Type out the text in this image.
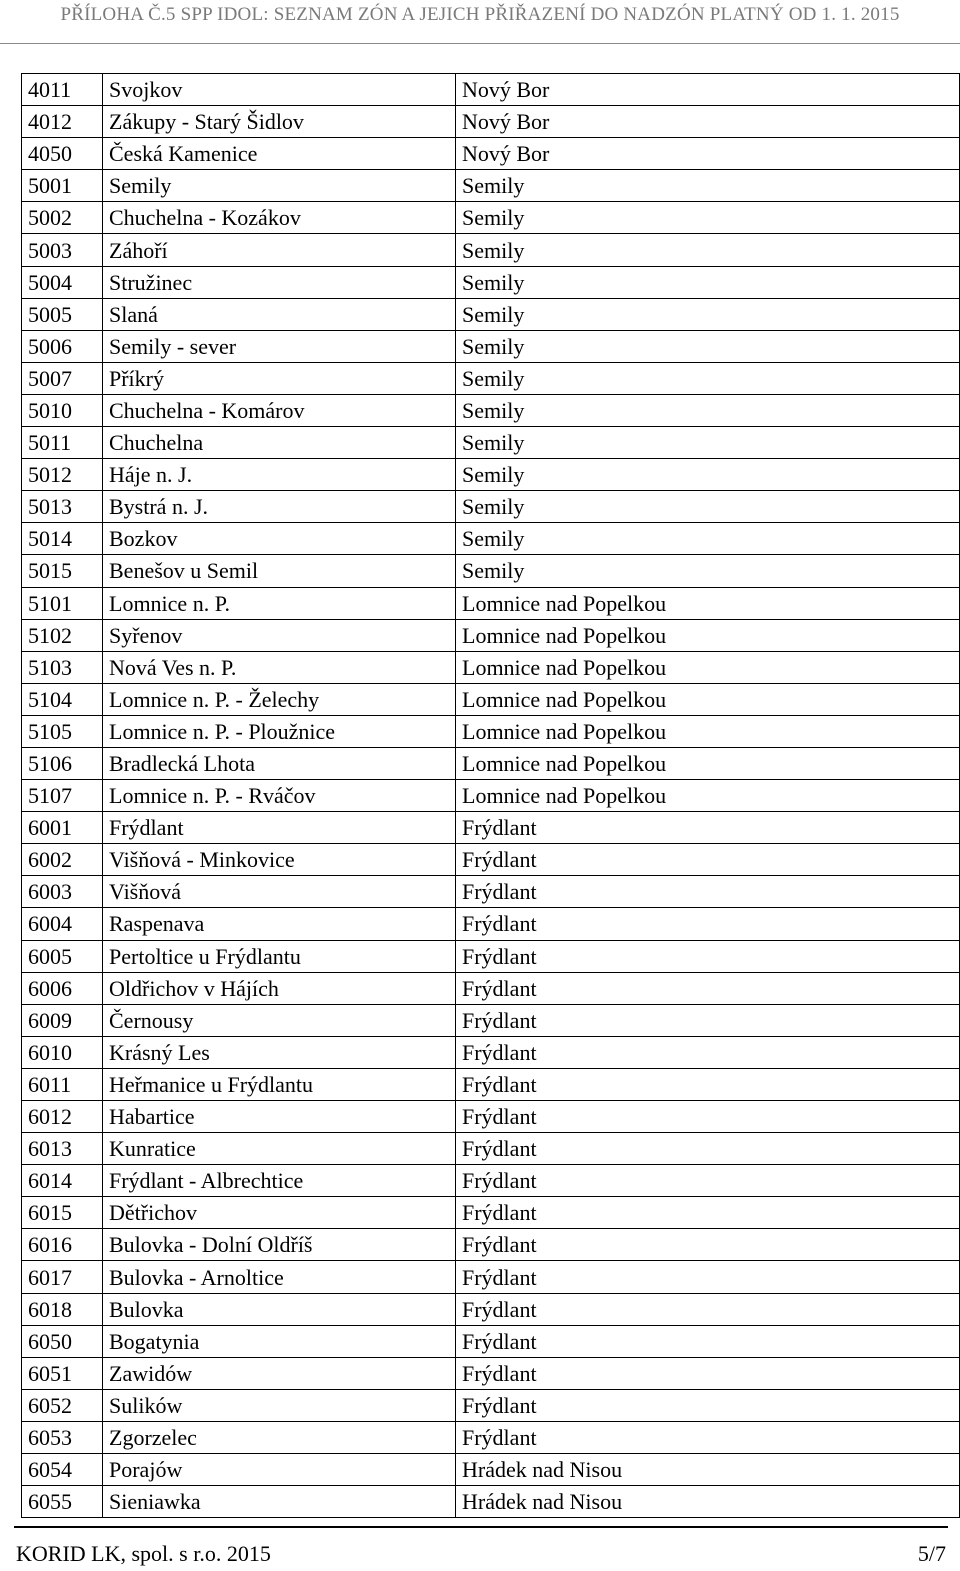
PŘÍLOHA Č.5 SPP IDOL: SEZNAM ZÓN A JEJICH PŘIŘAZENÍ DO NADZÓN PLATNÝ OD 1. 1. 2015
4011	Svojkov	Nový Bor
4012	Zákupy - Starý Šidlov	Nový Bor
4050	Česká Kamenice	Nový Bor
5001	Semily	Semily
5002	Chuchelna - Kozákov	Semily
5003	Záhoří	Semily
5004	Stružinec	Semily
5005	Slaná	Semily
5006	Semily - sever	Semily
5007	Příkrý	Semily
5010	Chuchelna - Komárov	Semily
5011	Chuchelna	Semily
5012	Háje n. J.	Semily
5013	Bystrá n. J.	Semily
5014	Bozkov	Semily
5015	Benešov u Semil	Semily
5101	Lomnice n. P.	Lomnice nad Popelkou
5102	Syřenov	Lomnice nad Popelkou
5103	Nová Ves n. P.	Lomnice nad Popelkou
5104	Lomnice n. P. - Želechy	Lomnice nad Popelkou
5105	Lomnice n. P. - Ploužnice	Lomnice nad Popelkou
5106	Bradlecká Lhota	Lomnice nad Popelkou
5107	Lomnice n. P. - Rváčov	Lomnice nad Popelkou
6001	Frýdlant	Frýdlant
6002	Višňová - Minkovice	Frýdlant
6003	Višňová	Frýdlant
6004	Raspenava	Frýdlant
6005	Pertoltice u Frýdlantu	Frýdlant
6006	Oldřichov v Hájích	Frýdlant
6009	Černousy	Frýdlant
6010	Krásný Les	Frýdlant
6011	Heřmanice u Frýdlantu	Frýdlant
6012	Habartice	Frýdlant
6013	Kunratice	Frýdlant
6014	Frýdlant - Albrechtice	Frýdlant
6015	Dětřichov	Frýdlant
6016	Bulovka - Dolní Oldříš	Frýdlant
6017	Bulovka - Arnoltice	Frýdlant
6018	Bulovka	Frýdlant
6050	Bogatynia	Frýdlant
6051	Zawidów	Frýdlant
6052	Sulików	Frýdlant
6053	Zgorzelec	Frýdlant
6054	Porajów	Hrádek nad Nisou
6055	Sieniawka	Hrádek nad Nisou
KORID LK, spol. s r.o. 2015	5/7
